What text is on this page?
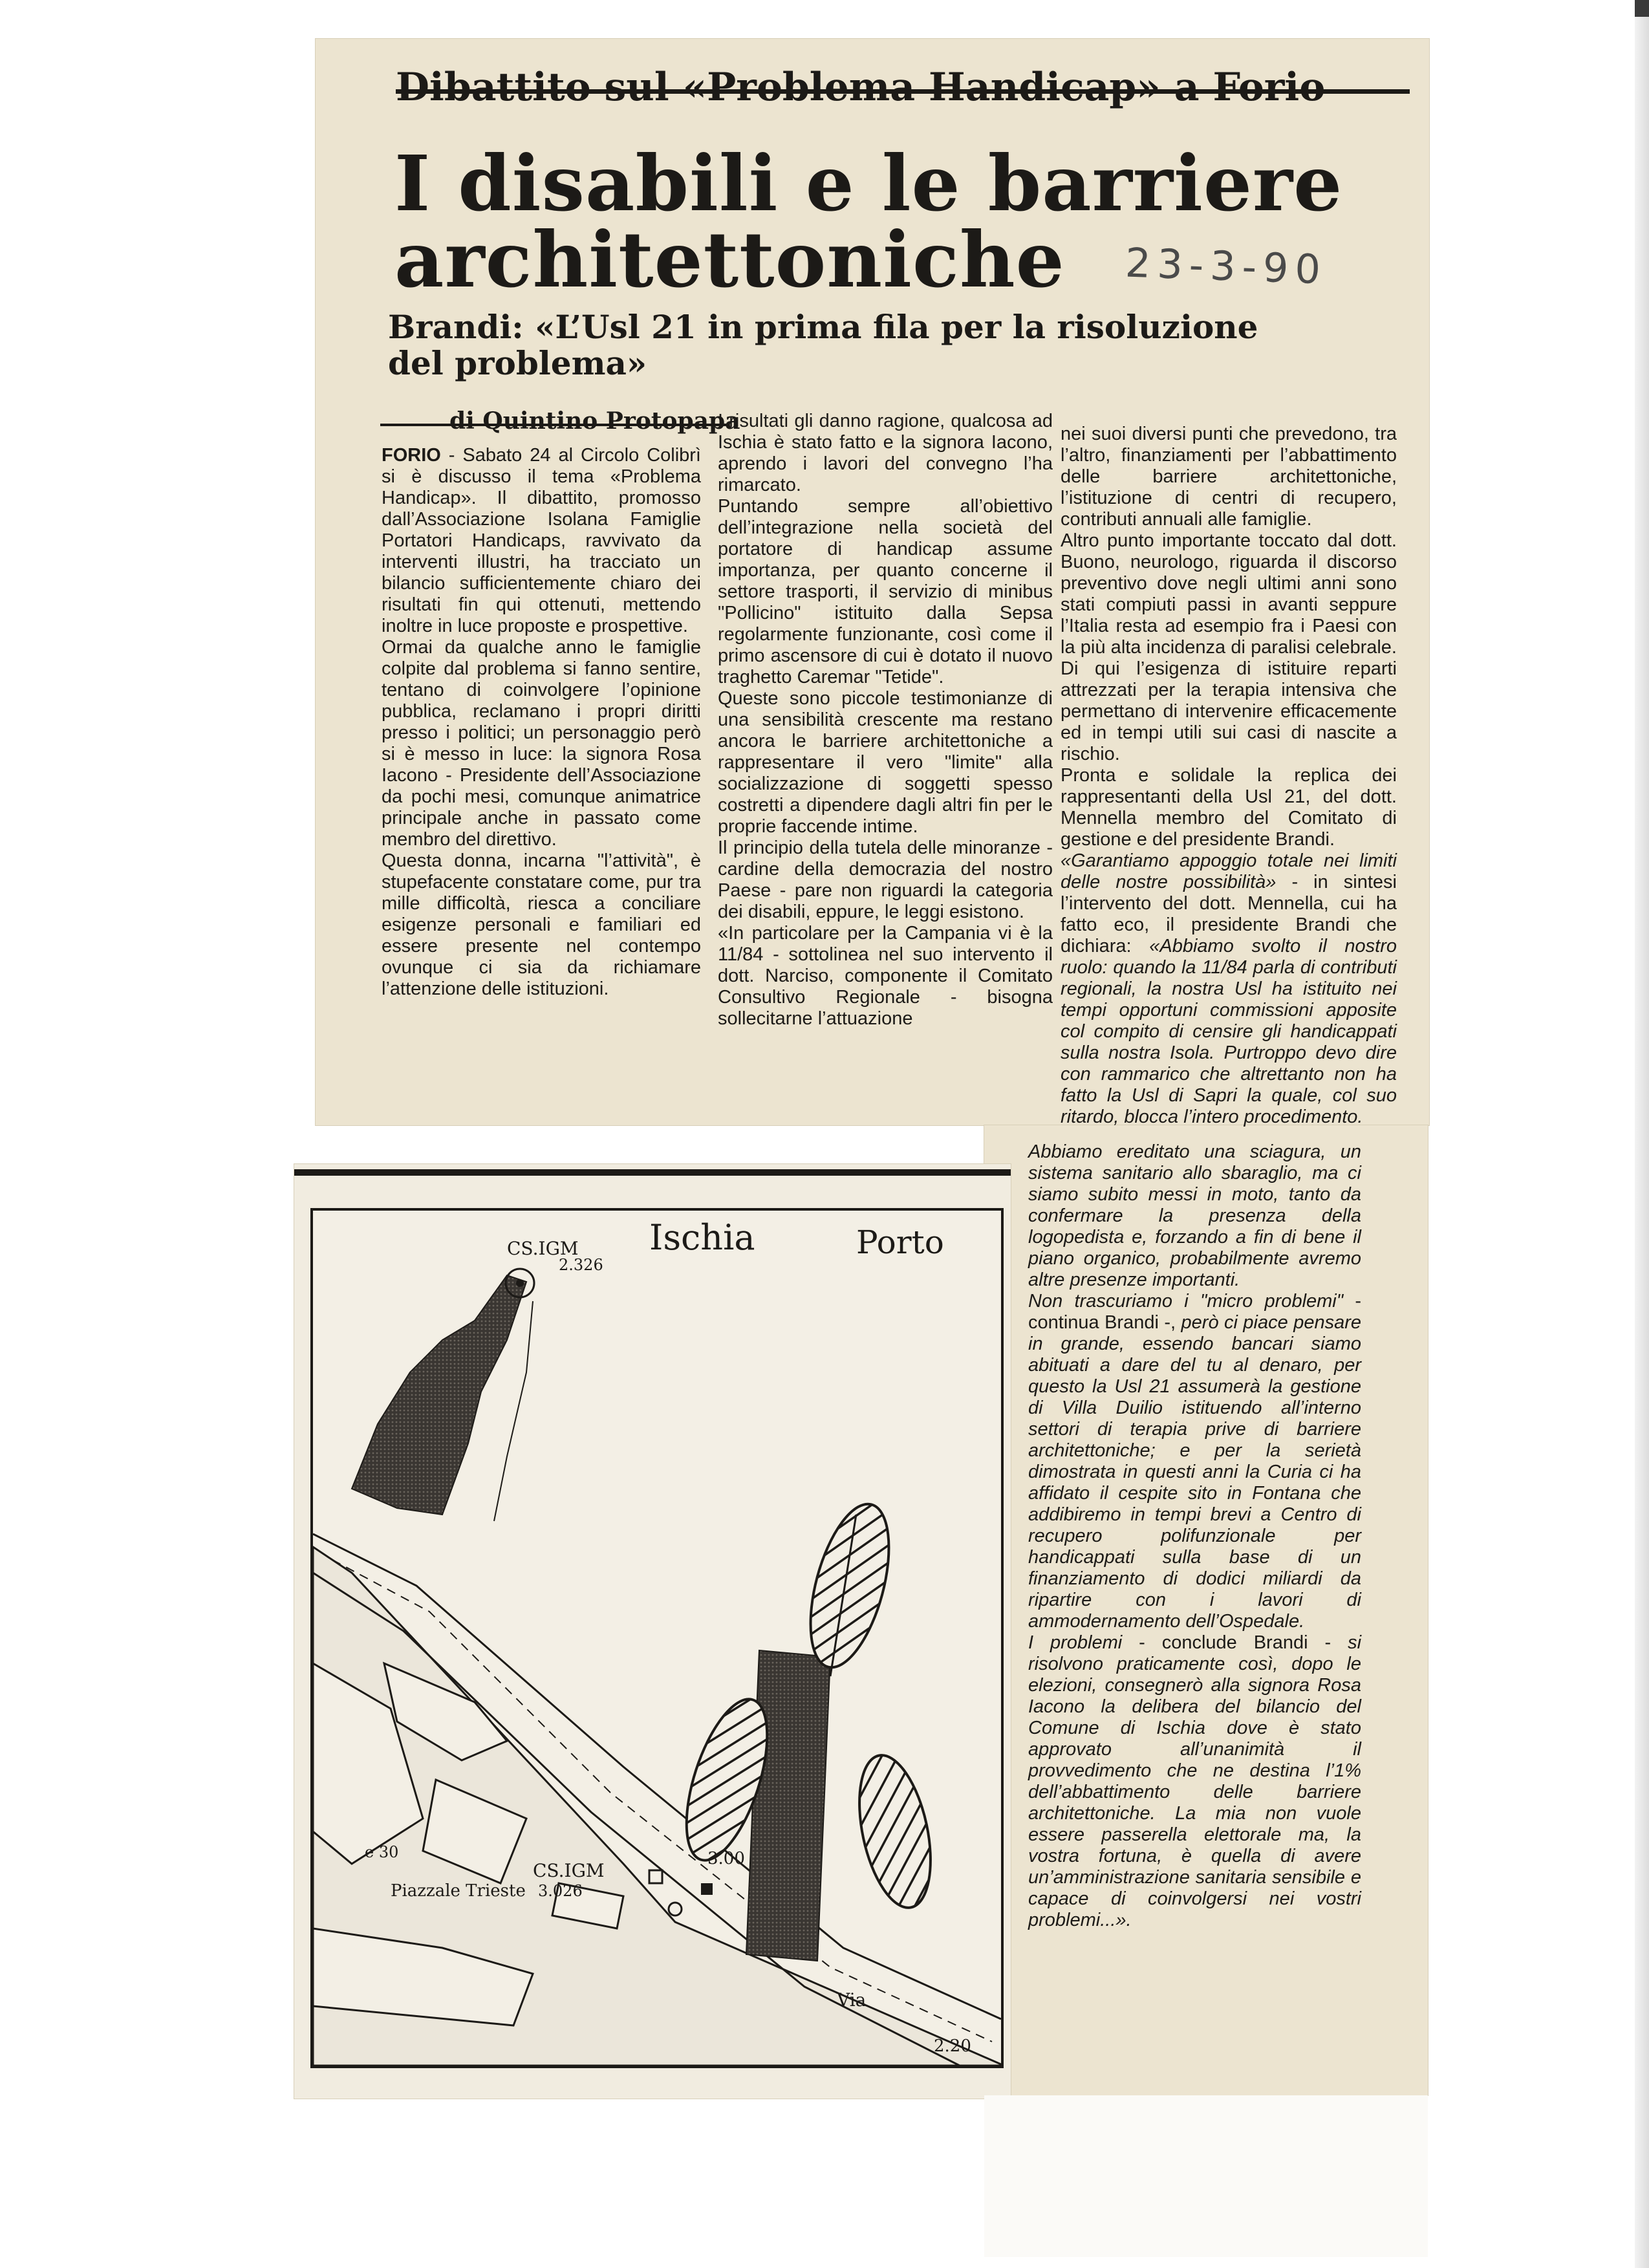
Dibattito sul «Problema Handicap» a Forio
I disabili e le barriere
architettoniche	23-3-90
Brandi: «L’Usl 21 in prima fila per la risoluzione
del problema»
di Quintino Protopapa

FORIO - Sabato 24 al Circolo Colibrì si è discusso il tema «Problema Handicap». Il dibattito, promosso dall’Associazione Isolana Famiglie Portatori Handicaps, ravvivato da interventi illustri, ha tracciato un bilancio sufficientemente chiaro dei risultati fin qui ottenuti, mettendo inoltre in luce proposte e prospettive.

Ormai da qualche anno le famiglie colpite dal problema si fanno sentire, tentano di coinvolgere l’opinione pubblica, reclamano i propri diritti presso i politici; un personaggio però si è messo in luce: la signora Rosa Iacono - Presidente dell’Associazione da pochi mesi, comunque animatrice principale anche in passato come membro del direttivo.

Questa donna, incarna "l’attività", è stupefacente constatare come, pur tra mille difficoltà, riesca a conciliare esigenze personali e familiari ed essere presente nel contempo ovunque ci sia da richiamare l’attenzione delle istituzioni.

I risultati gli danno ragione, qualcosa ad Ischia è stato fatto e la signora Iacono, aprendo i lavori del convegno l’ha rimarcato.

Puntando sempre all’obiettivo dell’integrazione nella società del portatore di handicap assume importanza, per quanto concerne il settore trasporti, il servizio di minibus "Pollicino" istituito dalla Sepsa regolarmente funzionante, così come il primo ascensore di cui è dotato il nuovo traghetto Caremar "Tetide".

Queste sono piccole testimonianze di una sensibilità crescente ma restano ancora le barriere architettoniche a rappresentare il vero "limite" alla socializzazione di soggetti spesso costretti a dipendere dagli altri fin per le proprie faccende intime.

Il principio della tutela delle minoranze - cardine della democrazia del nostro Paese - pare non riguardi la categoria dei disabili, eppure, le leggi esistono.

«In particolare per la Campania vi è la 11/84 - sottolinea nel suo intervento il dott. Narciso, componente il Comitato Consultivo Regionale - bisogna sollecitarne l’attuazione

nei suoi diversi punti che prevedono, tra l’altro, finanziamenti per l’abbattimento delle barriere architettoniche, l’istituzione di centri di recupero, contributi annuali alle famiglie.

Altro punto importante toccato dal dott. Buono, neurologo, riguarda il discorso preventivo dove negli ultimi anni sono stati compiuti passi in avanti seppure l’Italia resta ad esempio fra i Paesi con la più alta incidenza di paralisi celebrale. Di qui l’esigenza di istituire reparti attrezzati per la terapia intensiva che permettano di intervenire efficacemente ed in tempi utili sui casi di nascite a rischio.

Pronta e solidale la replica dei rappresentanti della Usl 21, del dott. Mennella membro del Comitato di gestione e del presidente Brandi.

«Garantiamo appoggio totale nei limiti delle nostre possibilità» - in sintesi l’intervento del dott. Mennella, cui ha fatto eco, il presidente Brandi che dichiara: «Abbiamo svolto il nostro ruolo: quando la 11/84 parla di contributi regionali, la nostra Usl ha istituito nei tempi opportuni commissioni apposite col compito di censire gli handicappati sulla nostra Isola. Purtroppo devo dire con rammarico che altrettanto non ha fatto la Usl di Sapri la quale, col suo ritardo, blocca l’intero procedimento.

Abbiamo ereditato una sciagura, un sistema sanitario allo sbaraglio, ma ci siamo subito messi in moto, tanto da confermare la presenza della logopedista e, forzando a fin di bene il piano organico, probabilmente avremo altre presenze importanti.

Non trascuriamo i "micro problemi" - continua Brandi -, però ci piace pensare in grande, essendo bancari siamo abituati a dare del tu al denaro, per questo la Usl 21 assumerà la gestione di Villa Duilio istituendo all’interno settori di terapia prive di barriere architettoniche; e per la serietà dimostrata in questi anni la Curia ci ha affidato il cespite sito in Fontana che addibiremo in tempi brevi a Centro di recupero polifunzionale per handicappati sulla base di un finanziamento di dodici miliardi da ripartire con i lavori di ammodernamento dell’Ospedale.

I problemi - conclude Brandi - si risolvono praticamente così, dopo le elezioni, consegnerò alla signora Rosa Iacono la delibera del bilancio del Comune di Ischia dove è stato approvato all’unanimità il provvedimento che ne destina l’1% dell’abbattimento delle barriere architettoniche. La mia non vuole essere passerella elettorale ma, la vostra fortuna, è quella di avere un’amministrazione sanitaria sensibile e capace di coinvolgersi nei vostri problemi...».

Ischia	Porto
CS.IGM
2.326
CS.IGM
3.026
Piazzale Trieste
3.00
2.20
e 30
Via
